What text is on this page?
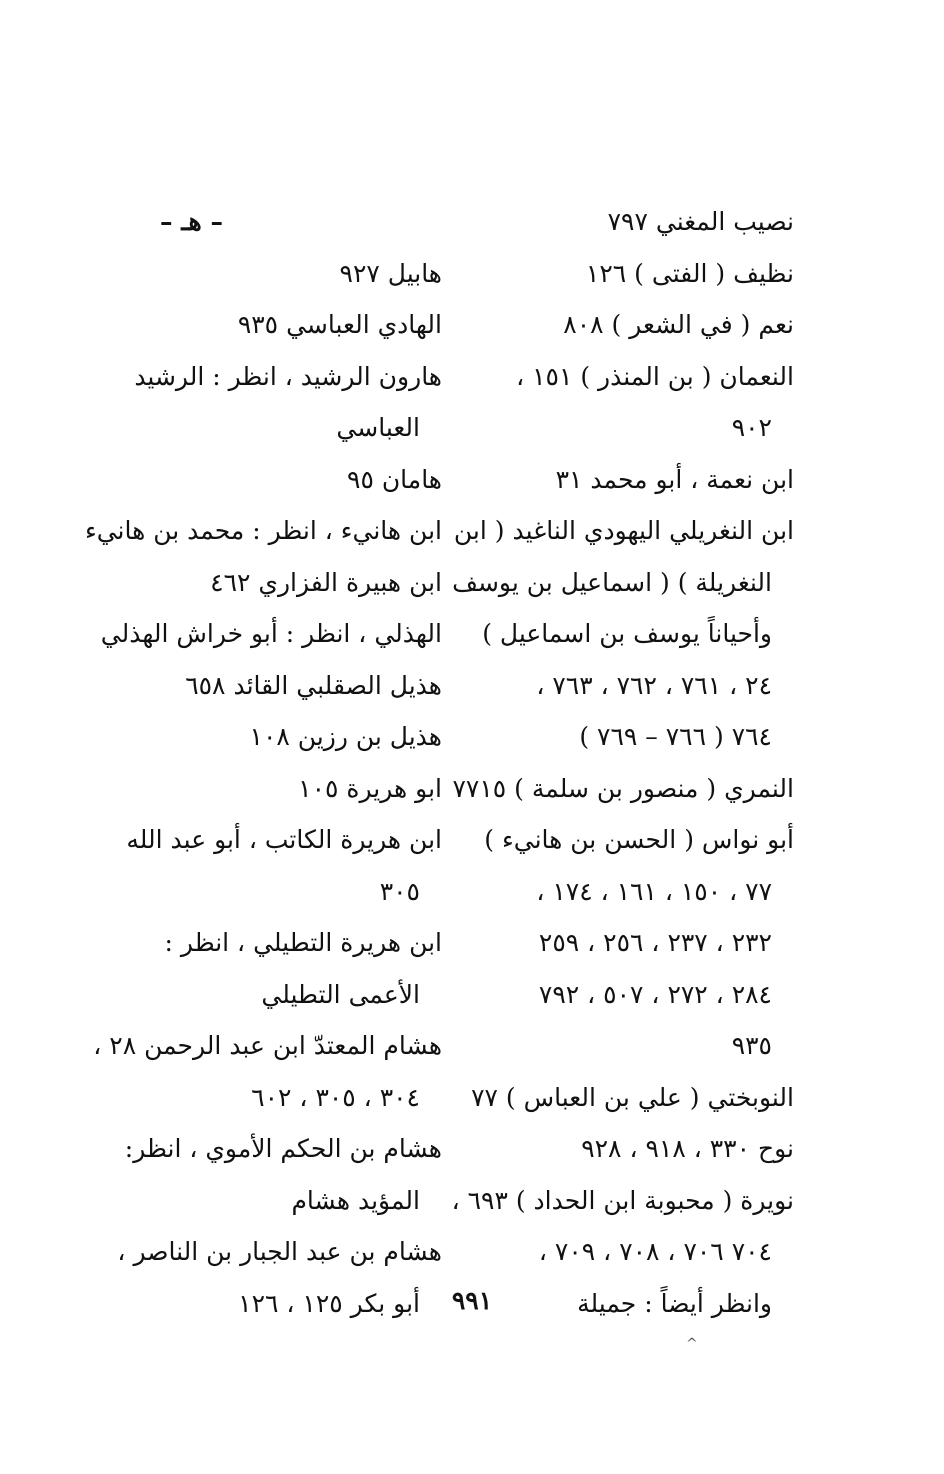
نصيب المغني ٧٩٧
نظيف ( الفتى ) ١٢٦
نعم ( في الشعر ) ٨٠٨
النعمان ( بن المنذر ) ١٥١ ،
٩٠٢
ابن نعمة ، أبو محمد ٣١
ابن النغريلي اليهودي الناغيد ( ابن
النغريلة ) ( اسماعيل بن يوسف
وأحياناً يوسف بن اسماعيل )
٢٤ ، ٧٦١ ، ٧٦٢ ، ٧٦٣ ،
٧٦٤ ( ٧٦٦ – ٧٦٩ )
النمري ( منصور بن سلمة ) ٧٧١٥
أبو نواس ( الحسن بن هانيء )
٧٧ ، ١٥٠ ، ١٦١ ، ١٧٤ ،
٢٣٢ ، ٢٣٧ ، ٢٥٦ ، ٢٥٩
٢٨٤ ، ٢٧٢ ، ٥٠٧ ، ٧٩٢
٩٣٥
النوبختي ( علي بن العباس ) ٧٧
نوح ٣٣٠ ، ٩١٨ ، ٩٢٨
نويرة ( محبوبة ابن الحداد ) ٦٩٣ ،
٧٠٤ ٧٠٦ ، ٧٠٨ ، ٧٠٩ ،
وانظر أيضاً : جميلة
– هـ –
هابيل ٩٢٧
الهادي العباسي ٩٣٥
هارون الرشيد ، انظر : الرشيد
العباسي
هامان ٩٥
ابن هانيء ، انظر : محمد بن هانيء
ابن هبيرة الفزاري ٤٦٢
الهذلي ، انظر : أبو خراش الهذلي
هذيل الصقلبي القائد ٦٥٨
هذيل بن رزين ١٠٨
ابو هريرة ١٠٥
ابن هريرة الكاتب ، أبو عبد الله
٣٠٥
ابن هريرة التطيلي ، انظر :
الأعمى التطيلي
هشام المعتدّ ابن عبد الرحمن ٢٨ ،
٣٠٤ ، ٣٠٥ ، ٦٠٢
هشام بن الحكم الأموي ، انظر:
المؤيد هشام
هشام بن عبد الجبار بن الناصر ،
أبو بكر ١٢٥ ، ١٢٦	٩٩١
^
